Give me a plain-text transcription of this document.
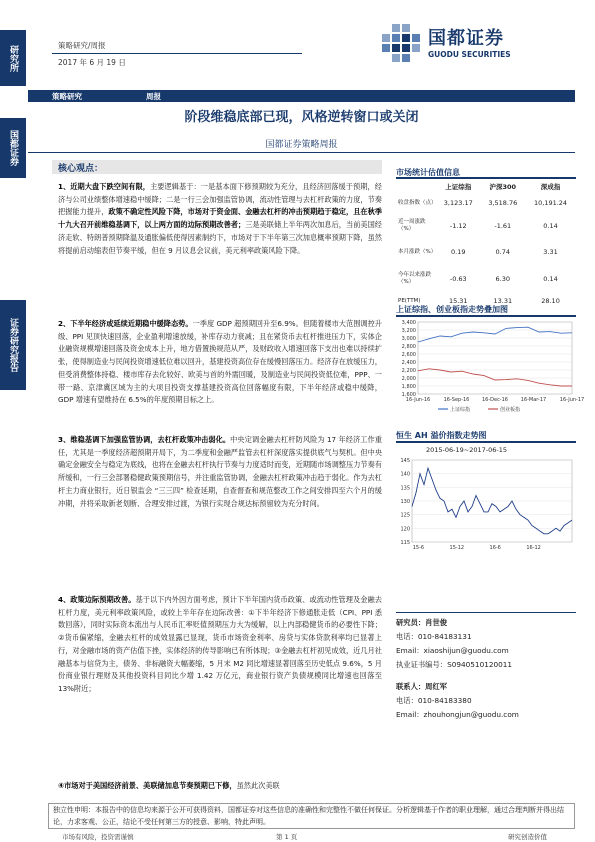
研究所
国都证券
证券研究报告
策略研究/周报
2017 年 6 月 19 日
国都证券
GUODU SECURITIES
策略研究	周报
阶段维稳底部已现，风格逆转窗口或关闭
国都证券策略周报
核心观点：
1、近期大盘下跌空间有限，主要逻辑基于：一是基本面下修预期较为充分，且经济回落缓于预期，经济与公司业绩整体增速稳中缓降；二是一行三会加强监管协调，流动性管理与去杠杆政策的力度，节奏把握能力提升，政策不确定性风险下降，市场对于资金面、金融去杠杆的冲击预期趋于稳定，且在秋季十九大召开前维稳基调下，以上两方面的边际预期改善者；三是美联储上半年两次加息后，当前美国经济走软、特朗普预期降温及通胀偏低使得因素制约下，市场对于下半年第三次加息概率预期下降，虽然将提前启动缩表但节奏平缓，但在 9 月议息会议前，美元利率政策风险下降。
2、下半年经济或延续近期稳中缓降态势。一季度 GDP 超预期回升至6.9%。但随着楼市大范围调控升级、PPI 见顶快速回落，企业盈利增速放缓，补库存动力衰减；且在紧货币去杠杆推进压力下，实体企业融资规模增速回落及资金成本上升，地方借置换规范从严，及财政收入增速回落下支出也难以持续扩张，使得制造业与民间投资增速低位难以回升，基建投资高位存在缓慢回落压力。经济存在放缓压力，但受消费整体持稳、楼市库存去化较好、欧美与首的外需回暖，及制造业与民间投资低位难，PPP、一带一路、京津冀区域为主的大项目投资支撑基建投资高位回落幅度有限，下半年经济或稳中缓降，GDP 增速有望维持在 6.5%的年度预期目标之上。
3、维稳基调下加强监管协调，去杠杆政策冲击弱化。中央定调金融去杠杆防风险为 17 年经济工作重任，尤其是一季度经济超预期开局下，为二季度和金融严监管去杠杆深度落实提供底气与契机。但中央确定金融安全与稳定为底线，也将在金融去杠杆执行节奏与力度适时而变，近期随市场调整压力节奏有所缓和，一行三会部署稳健政策预期信号，并注重监管协调，金融去杠杆政策冲击趋于弱化。作为去杠杆主力商业银行，近日银监会 “三三四” 检查延期，自查督查和规范整改工作之间安排四至六个月的缓冲期，并将采取新老划断、合理安排过渡，为银行实现合规达标预留较为充分时间。
4、政策边际预期改善。基于以下内外因方面考虑，预计下半年国内货币政策、或流动性管理及金融去杠杆力度，美元利率政策风险，或较上半年存在边际改善：①下半年经济下修通胀走低（CPI、PPI 悉数回落），同时实际资本流出与人民币汇率贬值预期压力大为缓解，以上内部稳健货币的必要性下降；②货币偏紧缩，金融去杠杆的成效显露已显现，货币市场资金利率、房贷与实体贷款利率均已显著上行，对金融市场的资产估值下挫，实体经济的传导影响已有所体现；③金融去杠杆初见成效，近几月社融基本与信贷为主，债务、非标融资大幅萎缩，5 月末 M2 同比增速显著回落至历史低点 9.6%，5 月份商业银行理财及其他投资科目同比少增 1.42 万亿元，商业银行资产负债规模同比增速也回落至 13%附近；
④市场对于美国经济前景、美联储加息节奏预期已下修，虽然此次美联
市场统计估值信息
	上证综指	沪深300	深成指
收盘指数（点）	3,123.17	3,518.76	10,191.24
近一周涨跌（%）	-1.12	-1.61	0.14
本月涨跌（%）	0.19	0.74	3.31
今年以来涨跌（%）	-0.63	6.30	0.14
PE(TTM)	15.31	13.31	28.10
上证综指、创业板指走势叠加图
1,600
1,800
2,000
2,200
2,400
2,600
2,800
3,000
3,200
3,400
16-Jun-16	16-Sep-16	16-Dec-16	16-Mar-17	16-Jun-17
上证综指	创业板指
恒生 AH 溢价指数走势图
2015-06-19~2017-06-15
115
120
125
130
135
140
145
15-6	15-12	16-6	16-12
研究员：肖世俊
电话：010-84183131
Email：xiaoshijun@guodu.com
执业证书编号：S0940510120011
联系人：周红军
电话：010-84183380
Email：zhouhongjun@guodu.com
独立性申明：本报告中的信息均来源于公开可获得资料，国都证券对这些信息的准确性和完整性不做任何保证。分析逻辑基于作者的职业理解，通过合理判断并得出结论，力求客观、公正，结论不受任何第三方的授意、影响，特此声明。
市场有风险，投资需谨慎	第 1 页	研究创造价值
